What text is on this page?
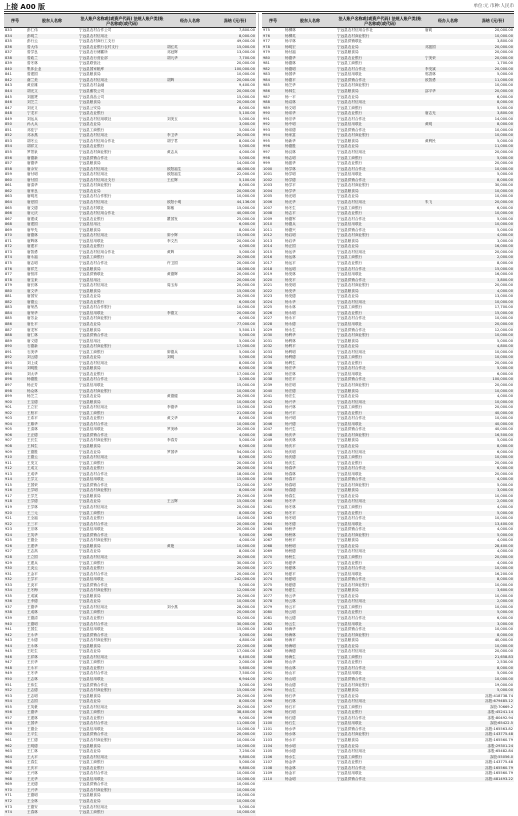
上接 A00 版	单位:元 币种:人民币
序号	股东人名称	法人账户名称或(或资产代码) 法规人账户类(账户名称或(或代码)	经办人名称	冻结 (元/份)
833	彭仁伟	宁远县农村合作公司	7,800.00
834	彭明兰	宁远县农村信用社	8,000.00
835	彭行云	宁远县农村商行工支行	49,000.00
836	曾大伟	宁远县农业银行农村支行	胡红英	15,000.00
837	曾学良	宁远县农行储蓄所	邓冠辉	13,000.00
838	曾政兰	宁远县农行营业部	胡凡华	7,700.00
839	曾冬林	宁远县联营社	20,000.00
840	集体企业	宁远县国家粮库	100,000.00
841	曾建国	宁远县粮食局	10,000.00
842	谢兰美	宁远县农村信用社	胡辉	20,000.00
843	黄应雄	宁远县农村金融	9,400.00
844	胡光文	宁远县畜牧公司	20,000.00
845	刘振贤	宁远县食品公司	15,000.00
846	刘芝兰	宁远县粮食局	20,000.00
847	刘光义	宁远县公安局	8,000.00
848	宁龙平	宁远县农业银行	5,100.00
849	刘运兵	宁远县农村信用联社	刘美玉	5,000.00
850	孙大兵	宁远县农业局	3,000.00
851	邓佳宁	宁远县工商银行	5,000.00
852	邓冰燕	宁远县农村信用社	李卫华	20,000.00
853	胡冬云	宁远县农村信用合作社	胡宁君	8,000.00
854	胡祥文	宁远县农业银行	5,000.00
855	罗景泉	宁远县农村商业银行	黄志兵	4,000.00
856	唐德新	宁远县供销合作社	5,000.00
857	唐德华	宁远县粮食局	14,000.00
858	唐余安	宁远县农村信用社	欧阳福生	48,000.00
859	唐付明	宁远县农村信用社	欧阳福生	22,000.00
860	唐付国	宁远县农村信用社支行	王红辉	5,100.00
861	唐清华	宁远县农村商业银行	8,000.00
862	唐家良	宁远县农业局	20,000.00
863	唐明亮	宁远县农村合作银行	10,000.00
864	唐爱国	宁远县农村信用社	欧阳小明	44,136.00
865	唐文德	宁远县农村联社	陈敏	15,000.00
866	唐元庆	宁远县农村信用合作社	40,000.00
867	唐建成	宁远县农业银行	瞿国发	25,000.00
868	唐建国	宁远县信用社	6,000.00
869	唐华先	宁远县粮食局	8,000.00
870	唐德林	宁远县农村信用社	廖小辉	15,000.00
871	唐辉林	宁远县信用联社	李文杰	20,000.00
872	唐建平	宁远县农业银行	4,000.00
873	唐智勇	宁远县农村信用合作社	黄辉	5,000.00
874	唐永福	宁远县工商银行	20,000.00
875	唐志明	宁远县农村合作社	许卫国	20,000.00
876	唐祥芝	宁远县粮食局	18,000.00
877	唐恒祥	宁远县供销联社	黄德辉	20,000.00
878	唐宝来	宁远县信用社	20,000.00
879	唐长林	宁远县农村信用社	周玉寿	20,000.00
880	唐文华	宁远县粮食局	15,000.00
881	唐国安	宁远县农业局	20,000.00
882	唐德云	宁远县农业银行	6,000.00
883	唐荣昌	宁远县农村合作银行	10,000.00
884	唐荣华	宁远县信用联社	李德文	20,000.00
885	唐芳金	宁远县农村商业银行	4,000.00
886	唐仕平	宁远县农业局	77,000.00
887	唐龙军	宁远县粮食局	5,500.15
888	唐仁林	宁远县供销合作社	5,000.00
889	唐义德	宁远县信用社	5,000.00
890	石德新	宁远县农村商业银行	17,000.00
891	石美华	宁远县工商银行	廖德兵	5,000.00
892	刘云德	宁远县农业局	刘明	5,000.00
893	刘上成	宁远县农村信用社	8,000.00
894	刘明胜	宁远县粮食局	6,000.00
895	刘太华	宁远县农业银行	17,000.00
896	杨德胜	宁远县农村合作社	3,000.00
897	杨正芳	宁远县信用联社	15,000.00
898	杨众林	宁远县农村商业银行	10,000.00
899	杨芝兰	宁远县农业局	黄德健	20,000.00
900	王宝德	宁远县粮食局	10,000.00
901	王立宏	宁远县农村信用社	李德华	15,000.00
902	王柏平	宁远县工商银行	21,000.00
903	王希平	宁远县农业银行	黄文华	8,000.00
904	王雄华	宁远县农村合作社	10,000.00
905	王清林	宁远县信用联社	罗美珍	20,000.00
906	王正德	宁远县供销合作社	4,000.00
907	王长生	宁远县农村商业银行	李春芳	5,000.00
908	王林生	宁远县粮食局	6,000.00
909	王德胜	宁远县农业局	罗国华	54,000.00
910	王德云	宁远县农村信用社	8,000.00
911	王发文	宁远县工商银行	20,000.00
912	王成文	宁远县农业银行	28,000.00
913	王成华	宁远县农村合作社	18,000.00
914	王学文	宁远县信用联社	15,000.00
915	王国荣	宁远县供销合作社	12,000.00
916	王学明	宁远县农村商业银行	8,000.00
917	王学芝	宁远县粮食局	25,000.00
918	王学德	宁远县农业局	王云辉	15,000.00
919	王学林	宁远县农村信用社	20,000.00
920	王三元	宁远县工商银行	8,000.00
921	王全福	宁远县农业银行	10,000.00
922	王三平	宁远县农村合作社	20,000.00
923	王宗林	宁远县信用联社	20,000.00
924	王英华	宁远县供销合作社	5,000.00
925	王德全	宁远县农村商业银行	4,000.00
926	王建华	宁远县粮食局	黄艳	10,000.00
927	王志高	宁远县农业局	8,000.00
928	王立国	宁远县农村信用社	20,000.00
929	王建兵	宁远县工商银行	30,000.00
930	王炎云	宁远县农业银行	20,000.00
931	王金平	宁远县农村合作社	20,000.00
932	王学平	宁远县信用联社	242,000.00
933	王炎平	宁远县供销合作社	5,000.00
934	王冬梅	宁远县农村商业银行	12,000.00
935	王成斌	宁远县粮食局	20,000.00
936	王孝德	宁远县农业局	10,000.00
937	王德华	宁远县农村信用社	刘小燕	28,000.00
938	王成林	宁远县工商银行	20,000.00
939	王德清	宁远县农业银行	52,000.00
940	王德明	宁远县农村合作社	30,000.00
941	王国生	宁远县信用联社	15,000.00
942	王永华	宁远县供销合作社	3,000.00
943	王永德	宁远县农村商业银行	4,800.00
944	王永林	宁远县粮食局	22,000.00
945	王旺生	宁远县农业局	17,000.00
946	王祥林	宁远县农村信用社	6,400.00
947	王长华	宁远县工商银行	2,000.00
948	王永平	宁远县农业银行	5,600.00
949	王冬华	宁远县农村合作社	7,500.00
950	王志林	宁远县信用联社	6,944.00
951	王伟生	宁远县供销合作社	3,000.00
952	王志德	宁远县农村商业银行	15,000.00
953	王志明	宁远县粮食局	20,000.00
954	王志国	宁远县农业局	8,000.00
955	王英豪	宁远县农村信用社	20,000.00
956	王德华	宁远县工商银行	38,400.00
957	王建林	宁远县农业银行	9,000.00
958	王国华	宁远县农村合作社	11,000.00
959	王德全	宁远县信用联社	10,000.00
960	王平生	宁远县供销合作社	20,000.00
961	王仁德	宁远县农村商业银行	10,000.00
962	王明德	宁远县粮食局	10,000.00
963	王仁林	宁远县农业局	7,250.00
964	王大平	宁远县农村信用社	9,800.00
965	王春生	宁远县工商银行	5,000.00
966	王庆平	宁远县农业银行	9,800.00
967	王兴林	宁远县农村合作社	10,000.00
968	王光华	宁远县信用联社	10,000.00
969	王光德	宁远县供销合作社	10,000.00
970	王兴华	宁远县农村商业银行	10,000.00
971	王德明	宁远县粮食局	10,000.00
972	王全林	宁远县农业局	10,000.00
973	王德安	宁远县农村信用社	5,000.00
974	王春林	宁远县工商银行	10,000.00
序号	股东人名称	法人账户名称或(或资产代码) 法规人账户类(账户名称或(或代码)	经办人名称	冻结 (元/份)
975	杨柳林	宁远县农村信用合作社	唐莉	20,000.00
976	杨柳英	宁远县农村商业银行	10,000.00
977	杨平林	宁远县供销联社	3,800.00
978	杨明宏	宁远县农业局	邓振国	20,000.00
979	杨付福	宁远县粮食局	20,000.00
980	杨德华	宁远县农业银行	宁美荣	20,000.00
981	杨德林	宁远县工商银行	1,700.00
982	杨德明	宁远县农村合作社	李发斌	20,000.00
983	杨国华	宁远县信用联社	郭香林	5,000.00
984	杨德平	宁远县供销合作社	欧智勇	11,000.00
985	杨芝华	宁远县农村商业银行	10,000.00
986	杨林生	宁远县粮食局	邵平华	20,000.00
987	杨一平	宁远县农业局	6,000.00
988	杨双林	宁远县农村信用社	8,000.00
989	杨文明	宁远县工商银行	5,000.00
990	杨帝华	宁远县农业银行	唐志光	3,800.00
991	杨宗华	宁远县农村合作社	14,000.00
992	杨中明	宁远县信用联社	黄明	8,000.00
993	杨帝德	宁远县供销合作社	10,000.00
994	杨家富	宁远县农村商业银行	10,000.00
995	杨新华	宁远县粮食局	黄利民	5,000.00
996	杨德胜	宁远县农业局	11,000.00
997	杨汉林	宁远县农村信用社	20,000.00
998	杨志明	宁远县工商银行	5,000.00
999	杨振华	宁远县农业银行	20,000.00
1000	杨学林	宁远县农村合作社	10,000.00
1001	杨学明	宁远县信用联社	5,000.00
1002	杨学德	宁远县供销合作社	8,000.00
1003	杨学平	宁远县农村商业银行	30,000.00
1004	杨学华	宁远县粮食局	10,000.00
1005	杨光明	宁远县农业局	10,000.00
1006	杨光华	宁远县农村信用社	朱飞	20,000.00
1007	杨冬生	宁远县工商银行	6,000.00
1008	杨志平	宁远县农业银行	10,000.00
1009	杨德军	宁远县农村合作社	5,000.00
1010	杨德兵	宁远县信用联社	10,000.00
1011	杨德兴	宁远县供销合作社	5,000.00
1012	杨启明	宁远县农村商业银行	4,000.00
1013	杨启华	宁远县粮食局	3,000.00
1014	杨正国	宁远县农业局	16,000.00
1015	杨运华	宁远县农村信用社	20,000.00
1016	杨运林	宁远县工商银行	2,000.00
1017	杨运平	宁远县农业银行	8,000.00
1018	杨运明	宁远县农村合作社	15,000.00
1019	杨发林	宁远县信用联社	16,000.00
1020	杨发平	宁远县供销合作社	3,800.00
1021	杨发明	宁远县农村商业银行	20,000.00
1022	杨发华	宁远县粮食局	4,000.00
1023	杨发德	宁远县农业局	13,000.00
1024	杨永华	宁远县农村信用社	10,000.00
1025	杨永林	宁远县工商银行	17,700.00
1026	杨永明	宁远县农业银行	15,000.00
1027	杨永平	宁远县农村合作社	10,000.00
1028	杨永德	宁远县信用联社	20,000.00
1029	杨永生	宁远县供销合作社	12,000.00
1030	杨利华	宁远县农村商业银行	10,000.00
1031	杨利林	宁远县粮食局	5,000.00
1032	杨利平	宁远县农业局	4,800.00
1033	杨利明	宁远县农村信用社	10,000.00
1034	杨利德	宁远县工商银行	10,000.00
1035	杨利生	宁远县农业银行	20,000.00
1036	杨宏华	宁远县农村合作社	5,000.00
1037	杨宏林	宁远县信用联社	6,000.00
1038	杨宏平	宁远县供销合作社	100,000.00
1039	杨宏明	宁远县农村商业银行	20,000.00
1040	杨宏德	宁远县粮食局	10,000.00
1041	杨宏生	宁远县农业局	4,000.00
1042	杨兴华	宁远县农村信用社	10,000.00
1043	杨兴林	宁远县工商银行	20,000.00
1044	杨兴平	宁远县农业银行	40,000.00
1045	杨兴明	宁远县农村合作社	10,000.00
1046	杨兴德	宁远县信用联社	40,000.00
1047	杨兴生	宁远县供销合作社	40,000.00
1048	杨庆华	宁远县农村商业银行	16,500.00
1049	杨庆林	宁远县粮食局	5,000.00
1050	杨庆平	宁远县农业局	8,000.00
1051	杨庆明	宁远县农村信用社	6,000.00
1052	杨庆德	宁远县工商银行	10,000.00
1053	杨庆生	宁远县农业银行	20,000.00
1054	杨春华	宁远县农村合作社	6,000.00
1055	杨春林	宁远县信用联社	20,000.00
1056	杨春平	宁远县供销合作社	4,000.00
1057	杨春明	宁远县农村商业银行	5,000.00
1058	杨春德	宁远县粮食局	3,000.00
1059	杨春生	宁远县农业局	10,000.00
1060	杨冬华	宁远县农村信用社	2,000.00
1061	杨冬林	宁远县工商银行	4,000.00
1062	杨冬平	宁远县农业银行	5,000.00
1063	杨冬明	宁远县农村合作社	10,000.00
1064	杨冬德	宁远县信用联社	13,400.00
1065	杨秋华	宁远县供销合作社	4,000.00
1066	杨秋林	宁远县农村商业银行	5,000.00
1067	杨秋平	宁远县粮食局	4,000.00
1068	杨秋明	宁远县农业局	28,400.00
1069	杨秋德	宁远县农村信用社	4,000.00
1070	杨秋生	宁远县工商银行	20,000.00
1071	杨夏华	宁远县农业银行	4,000.00
1072	杨夏林	宁远县农村合作社	10,000.00
1073	杨夏平	宁远县信用联社	16,200.00
1074	杨夏明	宁远县供销合作社	8,000.00
1075	杨夏德	宁远县农村商业银行	10,000.00
1076	杨夏生	宁远县粮食局	3,600.00
1077	杨云华	宁远县农业局	10,000.00
1078	杨云林	宁远县农村信用社	2,000.00
1079	杨云平	宁远县工商银行	10,000.00
1080	杨云明	宁远县农业银行	5,000.00
1081	杨云德	宁远县农村合作社	6,000.00
1082	杨云生	宁远县信用联社	3,000.00
1083	杨海华	宁远县供销合作社	10,000.00
1084	杨海林	宁远县农村商业银行	8,000.00
1085	杨海平	宁远县粮食局	40,000.00
1086	杨海明	宁远县农业局	10,000.00
1087	杨海德	宁远县农村信用社	20,000.00
1088	杨海生	宁远县工商银行	21,658.83
1089	杨山华	宁远县农业银行	2,530.00
1090	杨山林	宁远县农村合作社	8,000.00
1091	杨山平	宁远县信用联社	5,000.00
1092	杨山明	宁远县供销合作社	10,000.00
1093	杨山德	宁远县农村商业银行	19,000.00
1094	杨山生	宁远县粮食局	5,000.00
1095	杨石华	宁远县农业局	冻股:418738.74
1096	杨石林	宁远县农村信用社	冻股:679485.12
1097	杨石平	宁远县工商银行	冻股:70669.2
1098	杨石明	宁远县农业银行	冻股:45241.14
1099	杨石德	宁远县农村合作社	冻股:80492.94
1100	杨石生	宁远县信用联社	冻股:65422.5
1101	杨水华	宁远县供销合作社	冻股:165563.82
1102	杨水林	宁远县农村商业银行	冻股:143775.48
1103	杨水平	宁远县粮食局	冻股:165560.79
1104	杨水明	宁远县农业局	冻股:29301.24
1105	杨水德	宁远县农村信用社	冻股:65482.84
1106	杨水生	宁远县工商银行	冻股:55056.0
1107	杨金华	宁远县农业银行	冻股:143775.48
1108	杨金林	宁远县农村合作社	冻股:165560.79
1109	杨金平	宁远县信用联社	冻股:165560.79
1110	杨金明	宁远县供销合作社	冻股:481493.22
